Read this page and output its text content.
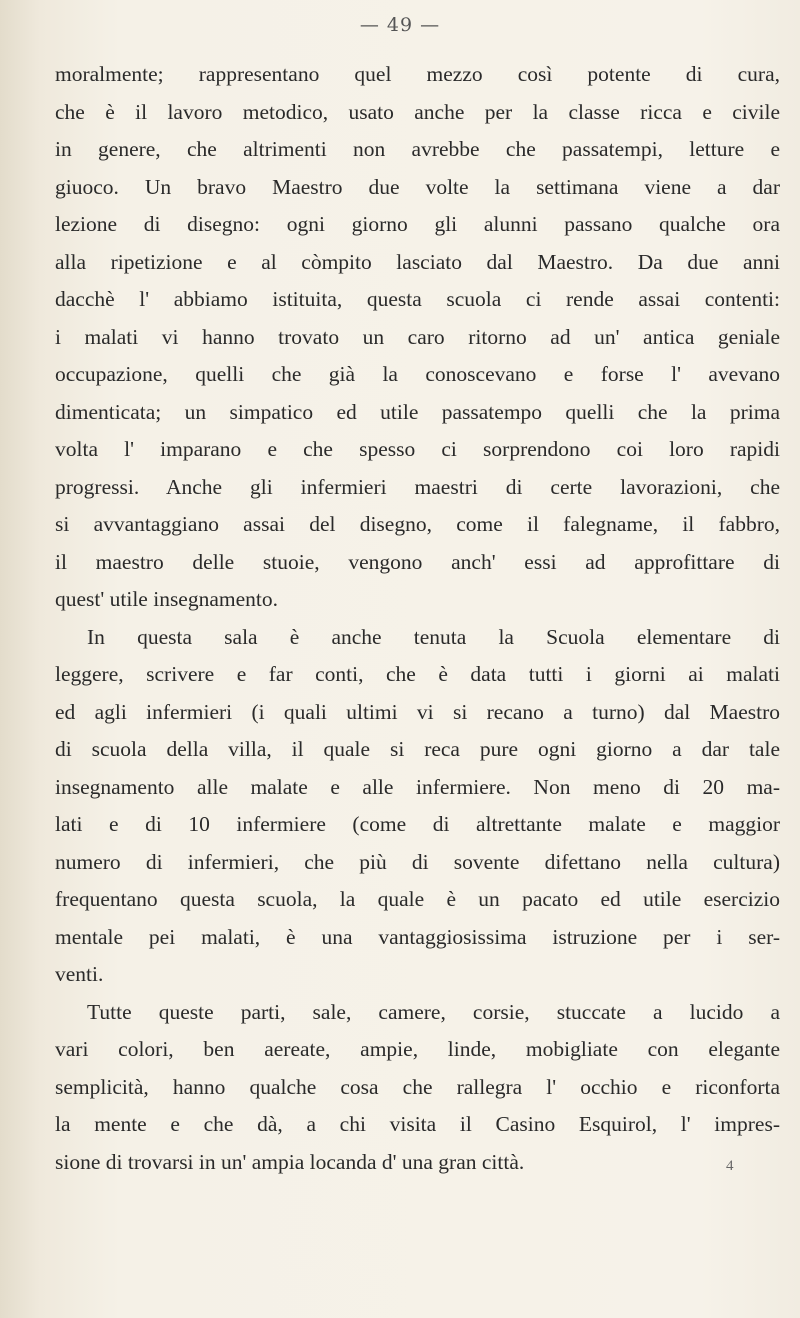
— 49 —
moralmente; rappresentano quel mezzo così potente di cura,
che è il lavoro metodico, usato anche per la classe ricca e civile
in genere, che altrimenti non avrebbe che passatempi, letture e
giuoco. Un bravo Maestro due volte la settimana viene a dar
lezione di disegno: ogni giorno gli alunni passano qualche ora
alla ripetizione e al còmpito lasciato dal Maestro. Da due anni
dacchè l' abbiamo istituita, questa scuola ci rende assai contenti:
i malati vi hanno trovato un caro ritorno ad un' antica geniale
occupazione, quelli che già la conoscevano e forse l' avevano
dimenticata; un simpatico ed utile passatempo quelli che la prima
volta l' imparano e che spesso ci sorprendono coi loro rapidi
progressi. Anche gli infermieri maestri di certe lavorazioni, che
si avvantaggiano assai del disegno, come il falegname, il fabbro,
il maestro delle stuoie, vengono anch' essi ad approfittare di
quest' utile insegnamento.
In questa sala è anche tenuta la Scuola elementare di
leggere, scrivere e far conti, che è data tutti i giorni ai malati
ed agli infermieri (i quali ultimi vi si recano a turno) dal Maestro
di scuola della villa, il quale si reca pure ogni giorno a dar tale
insegnamento alle malate e alle infermiere. Non meno di 20 ma-
lati e di 10 infermiere (come di altrettante malate e maggior
numero di infermieri, che più di sovente difettano nella cultura)
frequentano questa scuola, la quale è un pacato ed utile esercizio
mentale pei malati, è una vantaggiosissima istruzione per i ser-
venti.
Tutte queste parti, sale, camere, corsie, stuccate a lucido a
vari colori, ben aereate, ampie, linde, mobigliate con elegante
semplicità, hanno qualche cosa che rallegra l' occhio e riconforta
la mente e che dà, a chi visita il Casino Esquirol, l' impres-
sione di trovarsi in un' ampia locanda d' una gran città.	4
